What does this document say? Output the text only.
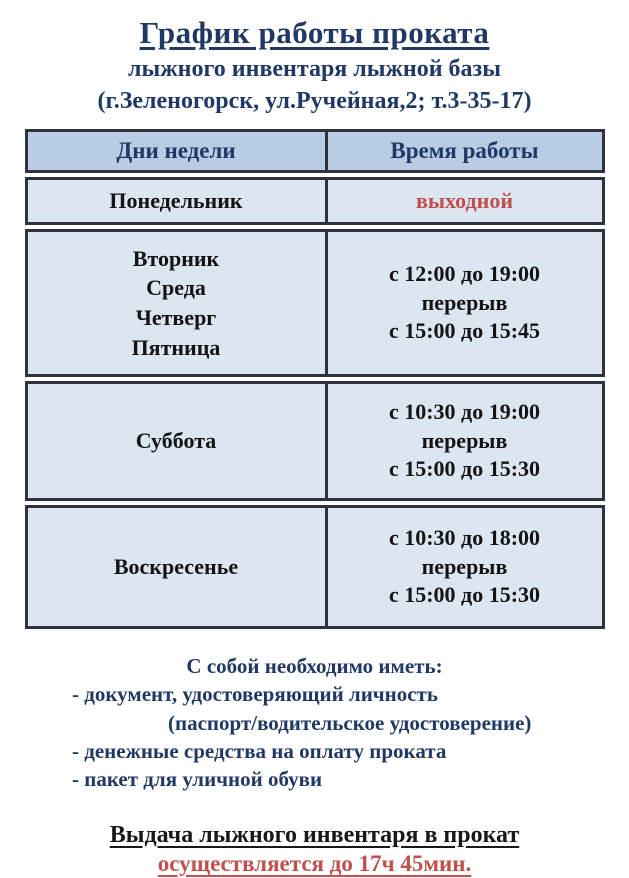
График работы проката
лыжного инвентаря лыжной базы
(г.Зеленогорск, ул.Ручейная,2; т.3-35-17)
Дни недели	Время работы
Понедельник	выходной
Вторник
Среда
Четверг
Пятница
с 12:00 до 19:00
перерыв
с 15:00 до 15:45
Суббота
с 10:30 до 19:00
перерыв
с 15:00 до 15:30
Воскресенье
с 10:30 до 18:00
перерыв
с 15:00 до 15:30
С собой необходимо иметь:
- документ, удостоверяющий личность
(паспорт/водительское удостоверение)
- денежные средства на оплату проката
- пакет для уличной обуви
Выдача лыжного инвентаря в прокат
осуществляется до 17ч 45мин.
